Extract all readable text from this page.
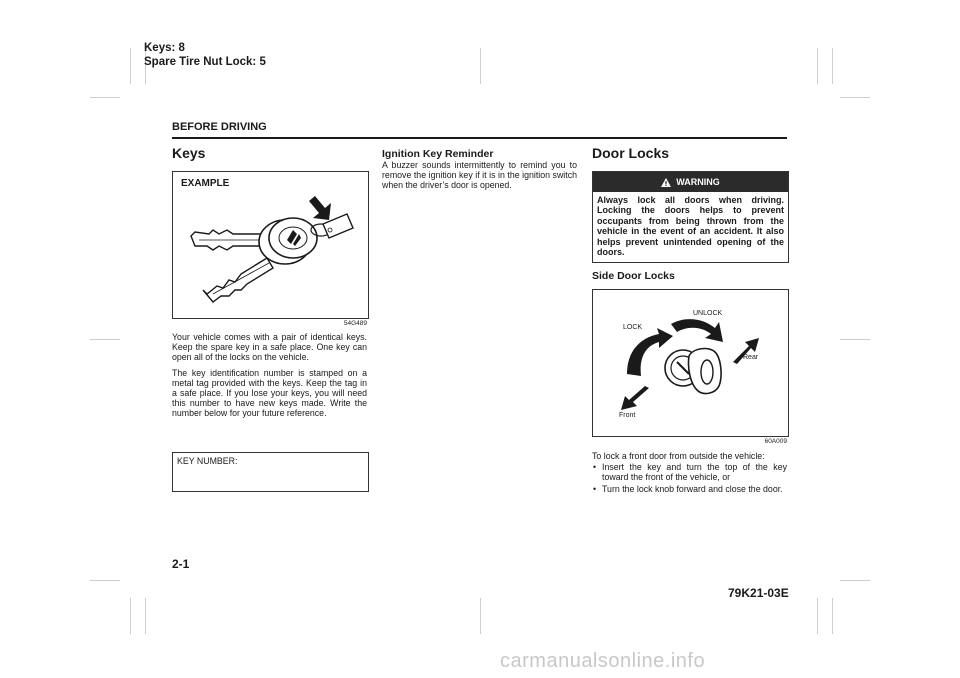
Keys: 8
Spare Tire Nut Lock: 5
BEFORE DRIVING
Keys
EXAMPLE
54G489

Your vehicle comes with a pair of identical keys. Keep the spare key in a safe place. One key can open all of the locks on the vehicle.

The key identification number is stamped on a metal tag provided with the keys. Keep the tag in a safe place. If you lose your keys, you will need this number to have new keys made. Write the number below for your future reference.

KEY NUMBER:
Ignition Key Reminder

A buzzer sounds intermittently to remind you to remove the ignition key if it is in the ignition switch when the driver’s door is opened.

Door Locks
WARNING
Always lock all doors when driving. Locking the doors helps to prevent occupants from being thrown from the vehicle in the event of an accident. It also helps prevent unintended opening of the doors.
Side Door Locks
UNLOCK
LOCK
Rear
Front
60A009

To lock a front door from outside the vehicle:

• Insert the key and turn the top of the key toward the front of the vehicle, or
• Turn the lock knob forward and close the door.
2-1
79K21-03E
carmanualsonline.info
